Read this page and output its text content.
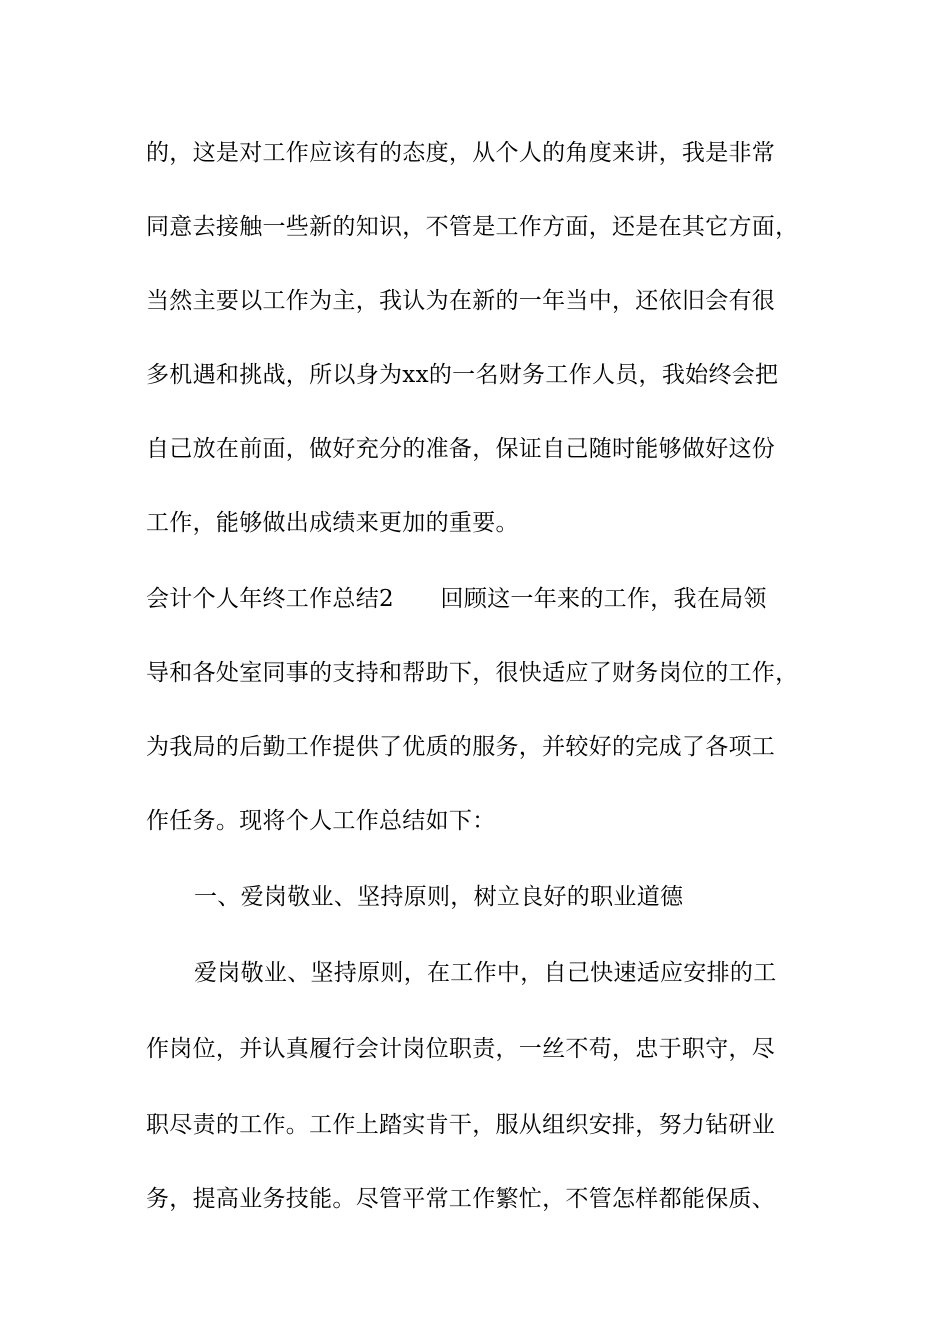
的，这是对工作应该有的态度，从个人的角度来讲，我是非常
同意去接触一些新的知识，不管是工作方面，还是在其它方面，
当然主要以工作为主，我认为在新的一年当中，还依旧会有很
多机遇和挑战，所以身为xx的一名财务工作人员，我始终会把
自己放在前面，做好充分的准备，保证自己随时能够做好这份
工作，能够做出成绩来更加的重要。
会计个人年终工作总结2　　回顾这一年来的工作，我在局领
导和各处室同事的支持和帮助下，很快适应了财务岗位的工作，
为我局的后勤工作提供了优质的服务，并较好的完成了各项工
作任务。现将个人工作总结如下：
一、爱岗敬业、坚持原则，树立良好的职业道德
爱岗敬业、坚持原则，在工作中，自己快速适应安排的工
作岗位，并认真履行会计岗位职责，一丝不苟，忠于职守，尽
职尽责的工作。工作上踏实肯干，服从组织安排，努力钻研业
务，提高业务技能。尽管平常工作繁忙，不管怎样都能保质、
